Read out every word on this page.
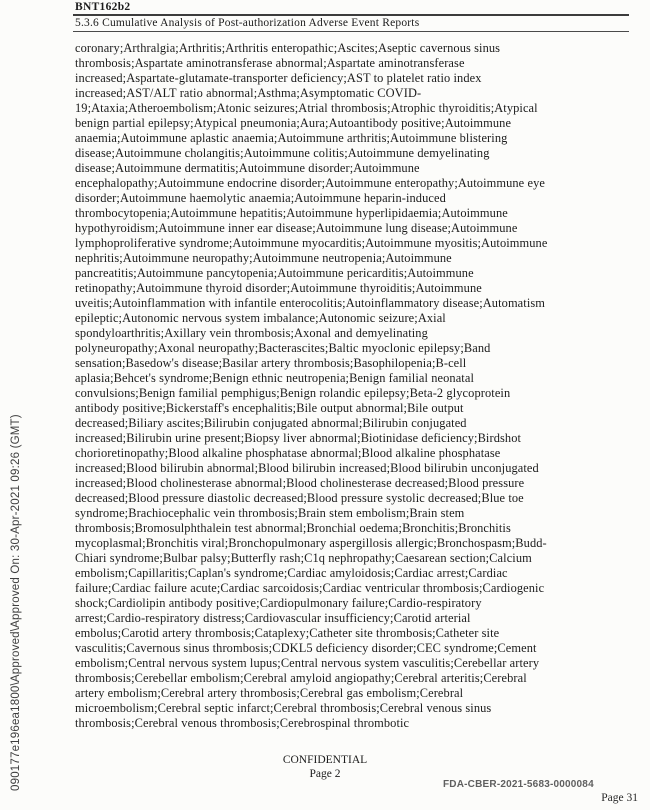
090177e196ea1800\Approved\Approved On: 30-Apr-2021 09:26 (GMT)
BNT162b2
5.3.6 Cumulative Analysis of Post-authorization Adverse Event Reports
coronary;Arthralgia;Arthritis;Arthritis enteropathic;Ascites;Aseptic cavernous sinus
thrombosis;Aspartate aminotransferase abnormal;Aspartate aminotransferase
increased;Aspartate-glutamate-transporter deficiency;AST to platelet ratio index
increased;AST/ALT ratio abnormal;Asthma;Asymptomatic COVID-
19;Ataxia;Atheroembolism;Atonic seizures;Atrial thrombosis;Atrophic thyroiditis;Atypical
benign partial epilepsy;Atypical pneumonia;Aura;Autoantibody positive;Autoimmune
anaemia;Autoimmune aplastic anaemia;Autoimmune arthritis;Autoimmune blistering
disease;Autoimmune cholangitis;Autoimmune colitis;Autoimmune demyelinating
disease;Autoimmune dermatitis;Autoimmune disorder;Autoimmune
encephalopathy;Autoimmune endocrine disorder;Autoimmune enteropathy;Autoimmune eye
disorder;Autoimmune haemolytic anaemia;Autoimmune heparin-induced
thrombocytopenia;Autoimmune hepatitis;Autoimmune hyperlipidaemia;Autoimmune
hypothyroidism;Autoimmune inner ear disease;Autoimmune lung disease;Autoimmune
lymphoproliferative syndrome;Autoimmune myocarditis;Autoimmune myositis;Autoimmune
nephritis;Autoimmune neuropathy;Autoimmune neutropenia;Autoimmune
pancreatitis;Autoimmune pancytopenia;Autoimmune pericarditis;Autoimmune
retinopathy;Autoimmune thyroid disorder;Autoimmune thyroiditis;Autoimmune
uveitis;Autoinflammation with infantile enterocolitis;Autoinflammatory disease;Automatism
epileptic;Autonomic nervous system imbalance;Autonomic seizure;Axial
spondyloarthritis;Axillary vein thrombosis;Axonal and demyelinating
polyneuropathy;Axonal neuropathy;Bacterascites;Baltic myoclonic epilepsy;Band
sensation;Basedow's disease;Basilar artery thrombosis;Basophilopenia;B-cell
aplasia;Behcet's syndrome;Benign ethnic neutropenia;Benign familial neonatal
convulsions;Benign familial pemphigus;Benign rolandic epilepsy;Beta-2 glycoprotein
antibody positive;Bickerstaff's encephalitis;Bile output abnormal;Bile output
decreased;Biliary ascites;Bilirubin conjugated abnormal;Bilirubin conjugated
increased;Bilirubin urine present;Biopsy liver abnormal;Biotinidase deficiency;Birdshot
chorioretinopathy;Blood alkaline phosphatase abnormal;Blood alkaline phosphatase
increased;Blood bilirubin abnormal;Blood bilirubin increased;Blood bilirubin unconjugated
increased;Blood cholinesterase abnormal;Blood cholinesterase decreased;Blood pressure
decreased;Blood pressure diastolic decreased;Blood pressure systolic decreased;Blue toe
syndrome;Brachiocephalic vein thrombosis;Brain stem embolism;Brain stem
thrombosis;Bromosulphthalein test abnormal;Bronchial oedema;Bronchitis;Bronchitis
mycoplasmal;Bronchitis viral;Bronchopulmonary aspergillosis allergic;Bronchospasm;Budd-
Chiari syndrome;Bulbar palsy;Butterfly rash;C1q nephropathy;Caesarean section;Calcium
embolism;Capillaritis;Caplan's syndrome;Cardiac amyloidosis;Cardiac arrest;Cardiac
failure;Cardiac failure acute;Cardiac sarcoidosis;Cardiac ventricular thrombosis;Cardiogenic
shock;Cardiolipin antibody positive;Cardiopulmonary failure;Cardio-respiratory
arrest;Cardio-respiratory distress;Cardiovascular insufficiency;Carotid arterial
embolus;Carotid artery thrombosis;Cataplexy;Catheter site thrombosis;Catheter site
vasculitis;Cavernous sinus thrombosis;CDKL5 deficiency disorder;CEC syndrome;Cement
embolism;Central nervous system lupus;Central nervous system vasculitis;Cerebellar artery
thrombosis;Cerebellar embolism;Cerebral amyloid angiopathy;Cerebral arteritis;Cerebral
artery embolism;Cerebral artery thrombosis;Cerebral gas embolism;Cerebral
microembolism;Cerebral septic infarct;Cerebral thrombosis;Cerebral venous sinus
thrombosis;Cerebral venous thrombosis;Cerebrospinal thrombotic
CONFIDENTIAL
Page 2
FDA-CBER-2021-5683-0000084
Page 31
